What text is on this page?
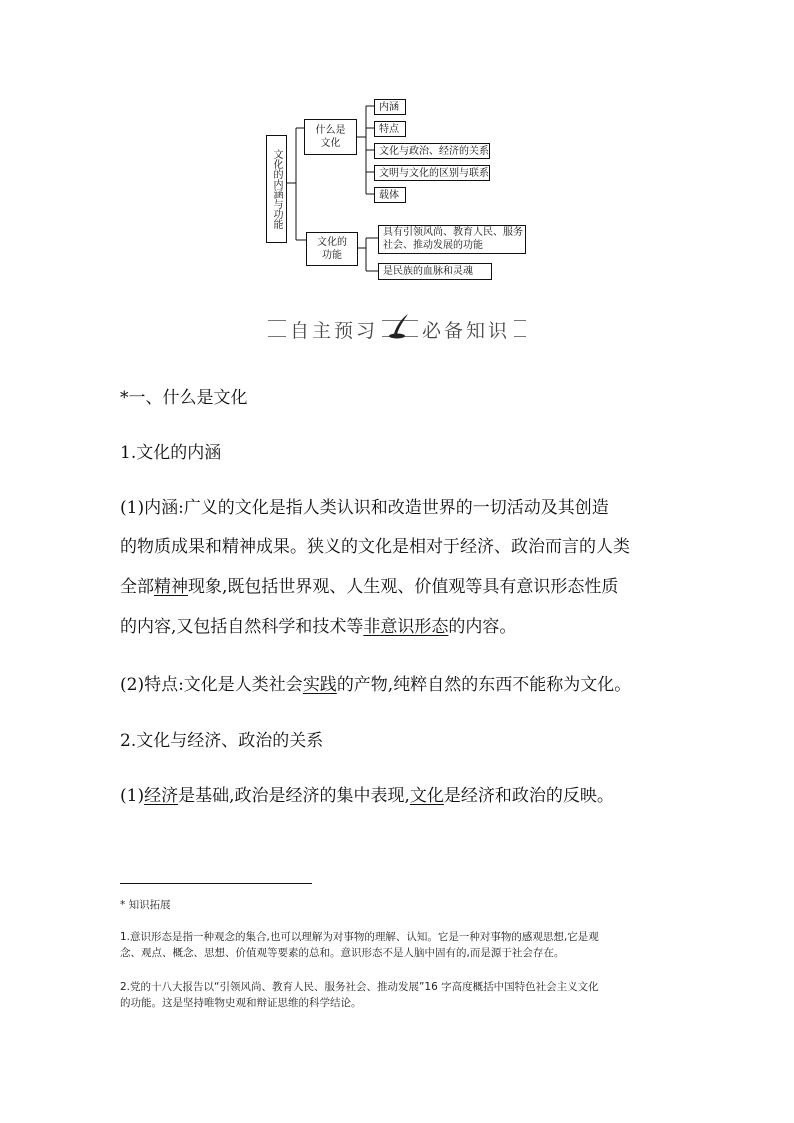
文化的内涵与功能
什么是
文化
内涵
特点
文化与政治、经济的关系
文明与文化的区别与联系
载体
文化的
功能
具有引领风尚、教育人民、服务
社会、推动发展的功能
是民族的血脉和灵魂
自主预习 必备知识
*一、什么是文化
1.文化的内涵
(1)内涵:广义的文化是指人类认识和改造世界的一切活动及其创造
的物质成果和精神成果。狭义的文化是相对于经济、政治而言的人类
全部精神现象,既包括世界观、人生观、价值观等具有意识形态性质
的内容,又包括自然科学和技术等非意识形态的内容。
(2)特点:文化是人类社会实践的产物,纯粹自然的东西不能称为文化。
2.文化与经济、政治的关系
(1)经济是基础,政治是经济的集中表现,文化是经济和政治的反映。
* 知识拓展
1.意识形态是指一种观念的集合,也可以理解为对事物的理解、认知。它是一种对事物的感观思想,它是观
念、观点、概念、思想、价值观等要素的总和。意识形态不是人脑中固有的,而是源于社会存在。
2.党的十八大报告以“引领风尚、教育人民、服务社会、推动发展”16 字高度概括中国特色社会主义文化
的功能。这是坚持唯物史观和辩证思维的科学结论。
